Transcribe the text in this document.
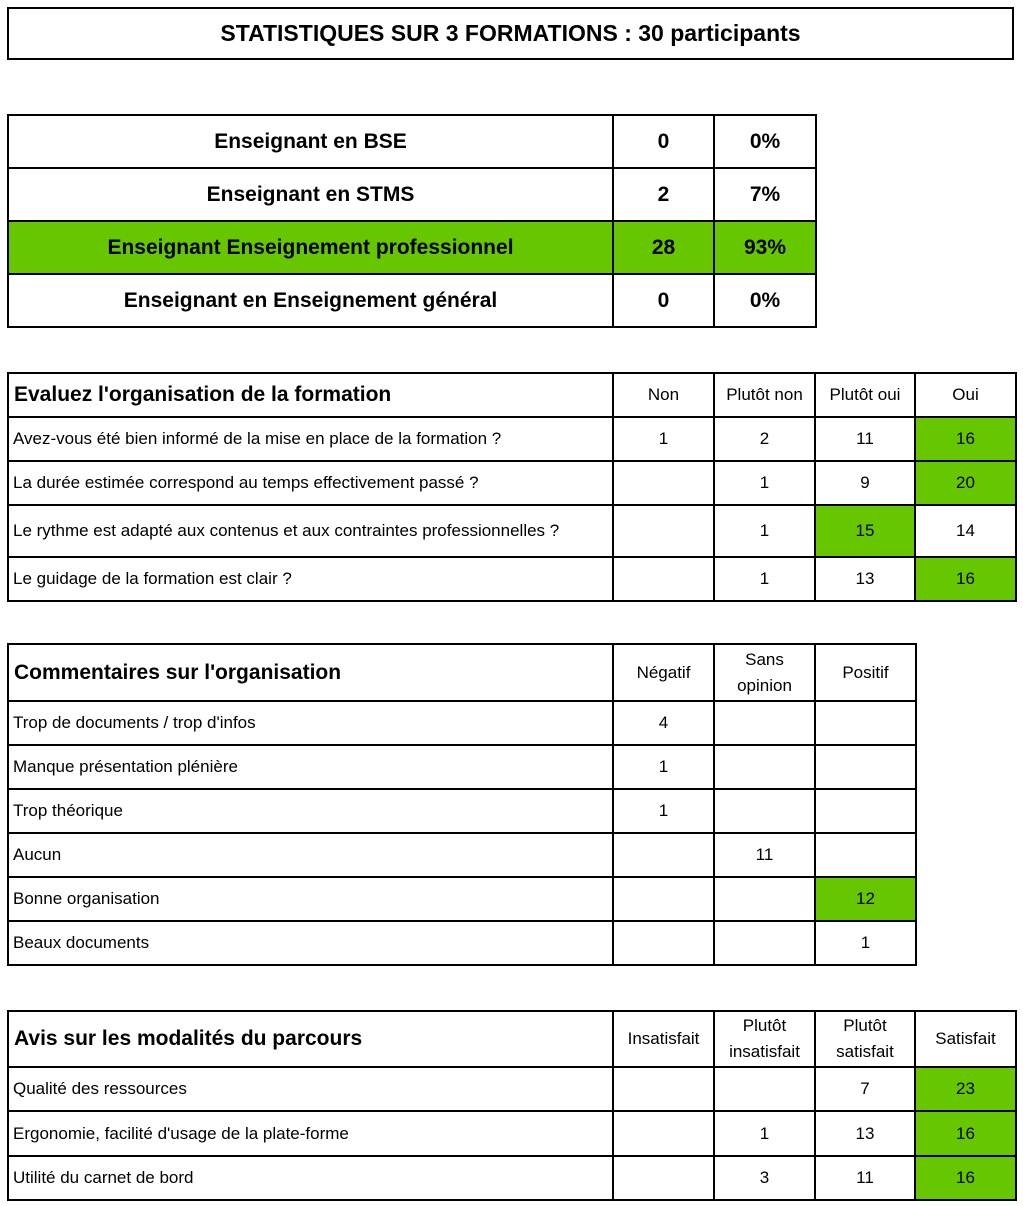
STATISTIQUES SUR 3 FORMATIONS : 30 participants
Enseignant en BSE	0	0%
Enseignant en STMS	2	7%
Enseignant Enseignement professionnel	28	93%
Enseignant en Enseignement général	0	0%
Evaluez l'organisation de la formation	Non	Plutôt non	Plutôt oui	Oui
Avez-vous été bien informé de la mise en place de la formation ?	1	2	11	16
La durée estimée correspond au temps effectivement passé ?		1	9	20
Le rythme est adapté aux contenus et aux contraintes professionnelles ?		1	15	14
Le guidage de la formation est clair ?		1	13	16
Commentaires sur l'organisation	Négatif	Sans opinion	Positif
Trop de documents / trop d'infos	4		
Manque présentation plénière	1		
Trop théorique	1		
Aucun		11	
Bonne organisation			12
Beaux documents			1
Avis sur les modalités du parcours	Insatisfait	Plutôt insatisfait	Plutôt satisfait	Satisfait
Qualité des ressources			7	23
Ergonomie, facilité d'usage de la plate-forme		1	13	16
Utilité du carnet de bord		3	11	16
